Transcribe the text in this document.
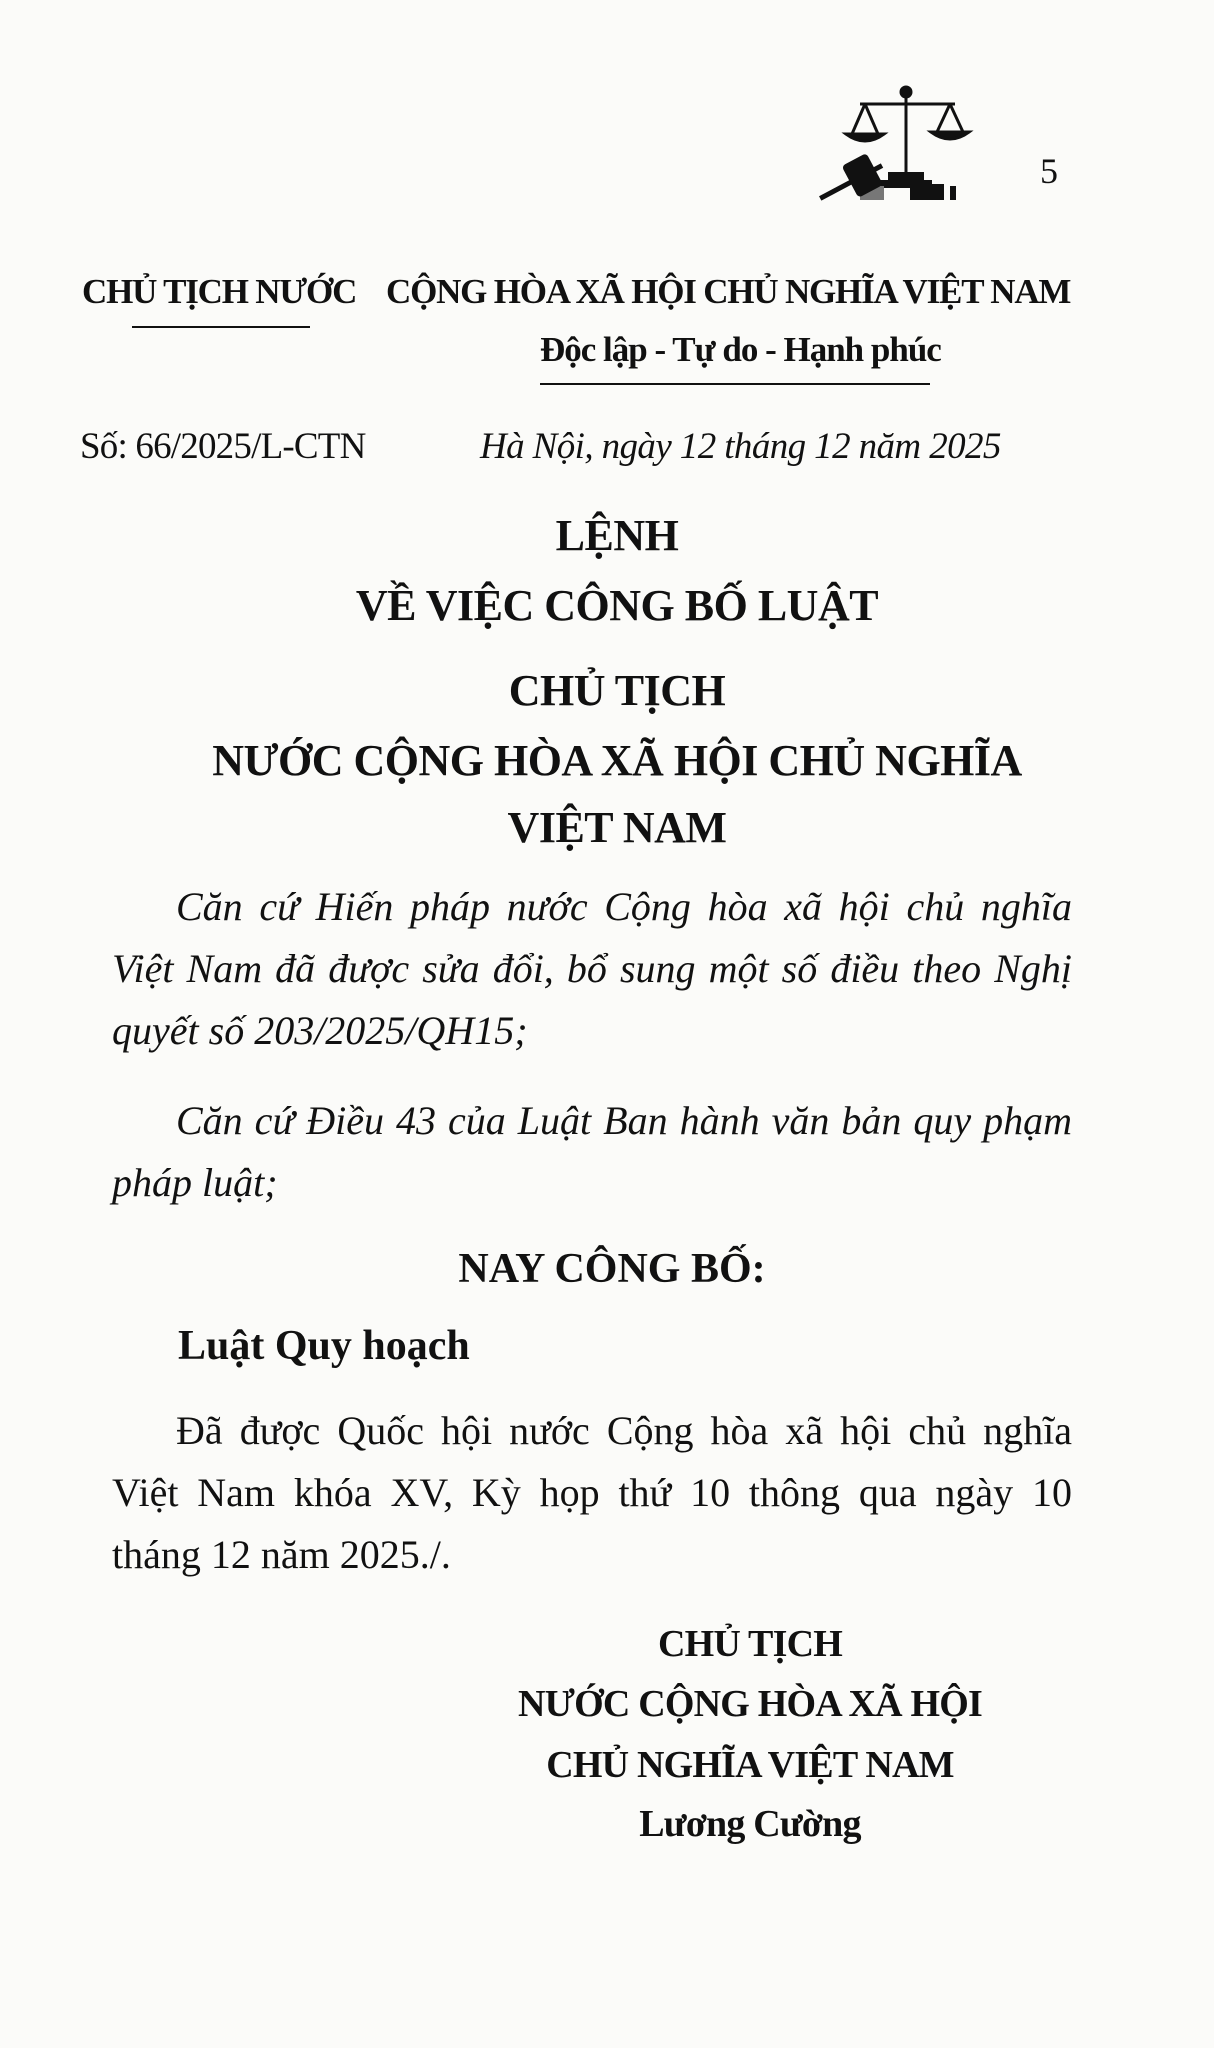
5
CHỦ TỊCH NƯỚC CỘNG HÒA XÃ HỘI CHỦ NGHĨA VIỆT NAM
Độc lập - Tự do - Hạnh phúc
Số: 66/2025/L-CTN	Hà Nội, ngày 12 tháng 12 năm 2025
LỆNH
VỀ VIỆC CÔNG BỐ LUẬT
CHỦ TỊCH
NƯỚC CỘNG HÒA XÃ HỘI CHỦ NGHĨA
VIỆT NAM
Căn cứ Hiến pháp nước Cộng hòa xã hội chủ nghĩa Việt Nam đã được sửa đổi, bổ sung một số điều theo Nghị quyết số 203/2025/QH15;
Căn cứ Điều 43 của Luật Ban hành văn bản quy phạm pháp luật;
NAY CÔNG BỐ:
Luật Quy hoạch
Đã được Quốc hội nước Cộng hòa xã hội chủ nghĩa Việt Nam khóa XV, Kỳ họp thứ 10 thông qua ngày 10 tháng 12 năm 2025./.
CHỦ TỊCH
NƯỚC CỘNG HÒA XÃ HỘI
CHỦ NGHĨA VIỆT NAM
Lương Cường
